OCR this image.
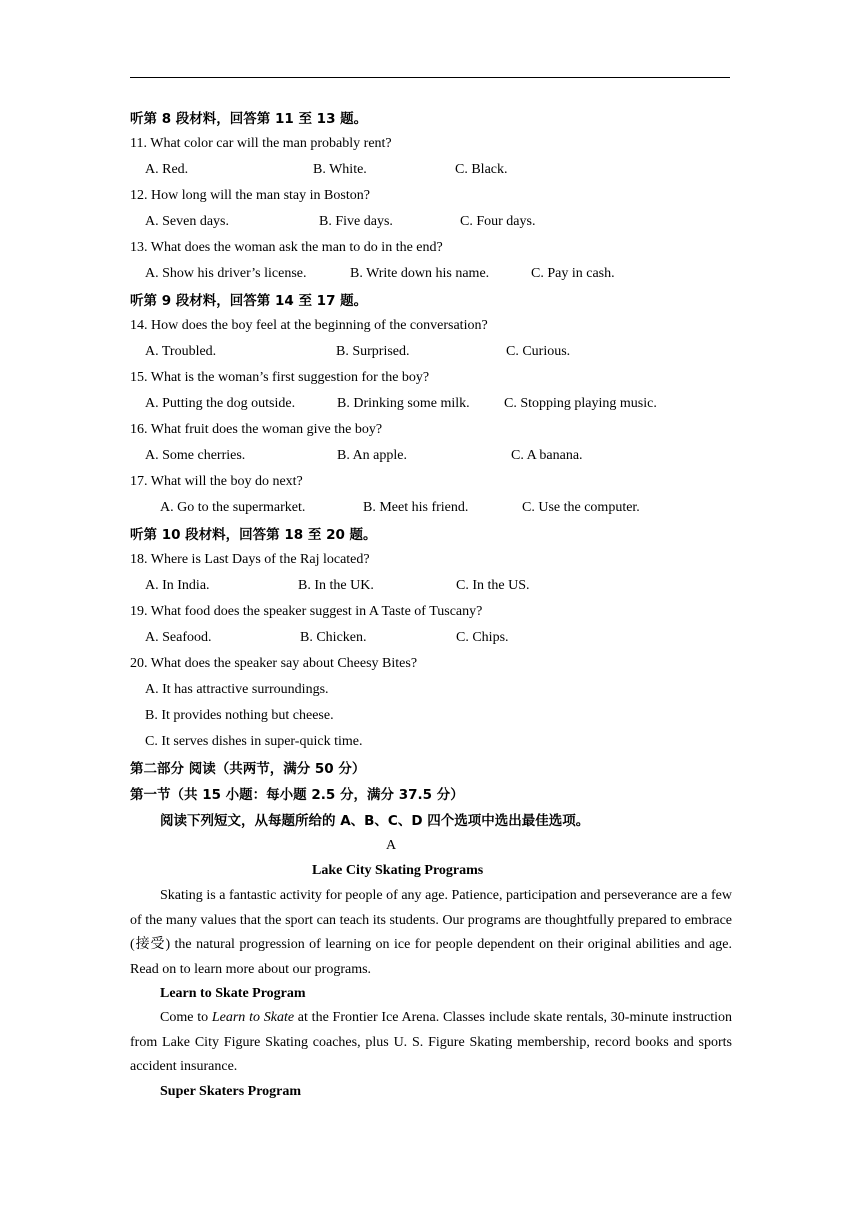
听第 8 段材料，回答第 11 至 13 题。
11. What color car will the man probably rent?
A. Red.	B. White.	C. Black.
12. How long will the man stay in Boston?
A. Seven days.	B. Five days.	C. Four days.
13. What does the woman ask the man to do in the end?
A. Show his driver’s license.	B. Write down his name.	C. Pay in cash.
听第 9 段材料，回答第 14 至 17 题。
14. How does the boy feel at the beginning of the conversation?
A. Troubled.	B. Surprised.	C. Curious.
15. What is the woman’s first suggestion for the boy?
A. Putting the dog outside.	B. Drinking some milk. C. Stopping playing music.
16. What fruit does the woman give the boy?
A. Some cherries.	B. An apple.	C. A banana.
17. What will the boy do next?
A. Go to the supermarket.	B. Meet his friend.	C. Use the computer.
听第 10 段材料，回答第 18 至 20 题。
18. Where is Last Days of the Raj located?
A. In India.	B. In the UK.	C. In the US.
19. What food does the speaker suggest in A Taste of Tuscany?
A. Seafood.	B. Chicken.	C. Chips.
20. What does the speaker say about Cheesy Bites?
A. It has attractive surroundings.
B. It provides nothing but cheese.
C. It serves dishes in super-quick time.
第二部分 阅读（共两节，满分 50 分）
第一节（共 15 小题：每小题 2.5 分，满分 37.5 分）
阅读下列短文，从每题所给的 A、B、C、D 四个选项中选出最佳选项。
A
Lake City Skating Programs
Skating is a fantastic activity for people of any age. Patience, participation and perseverance are a few of the many values that the sport can teach its students. Our programs are thoughtfully prepared to embrace (接受) the natural progression of learning on ice for people dependent on their original abilities and age. Read on to learn more about our programs.
Learn to Skate Program
Come to Learn to Skate at the Frontier Ice Arena. Classes include skate rentals, 30-minute instruction from Lake City Figure Skating coaches, plus U. S. Figure Skating membership, record books and sports accident insurance.
Super Skaters Program
